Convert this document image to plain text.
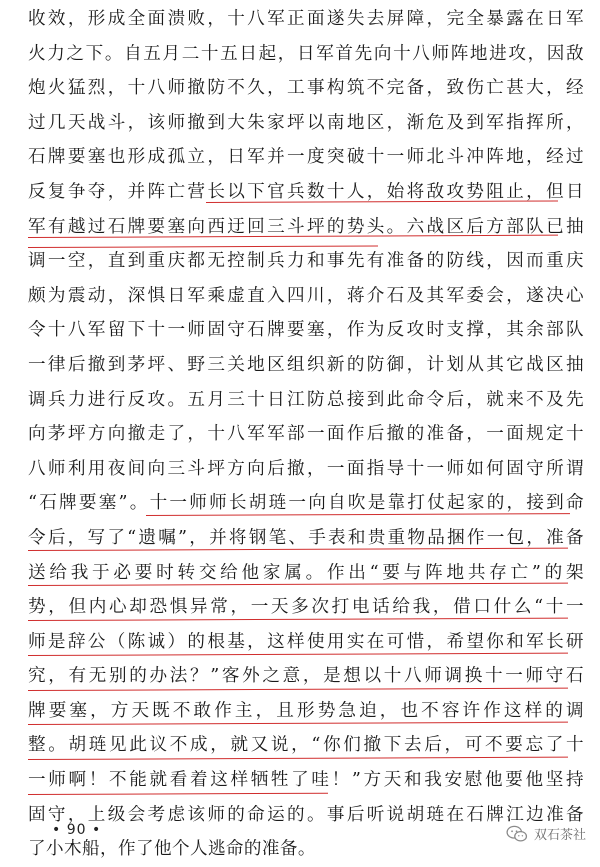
收效，形成全面溃败，十八军正面遂失去屏障，完全暴露在日军
火力之下。自五月二十五日起，日军首先向十八师阵地进攻，因敌
炮火猛烈，十八师撤防不久，工事构筑不完备，致伤亡甚大，经
过几天战斗，该师撤到大朱家坪以南地区，渐危及到军指挥所，
石牌要塞也形成孤立，日军并一度突破十一师北斗冲阵地，经过
反复争夺，并阵亡营长以下官兵数十人，始将敌攻势阻止，但日
军有越过石牌要塞向西迂回三斗坪的势头。六战区后方部队已抽
调一空，直到重庆都无控制兵力和事先有准备的防线，因而重庆
颇为震动，深惧日军乘虚直入四川，蒋介石及其军委会，遂决心
令十八军留下十一师固守石牌要塞，作为反攻时支撑，其余部队
一律后撤到茅坪、野三关地区组织新的防御，计划从其它战区抽
调兵力进行反攻。五月三十日江防总接到此命令后，就来不及先
向茅坪方向撤走了，十八军军部一面作后撤的准备，一面规定十
八师利用夜间向三斗坪方向后撤，一面指导十一师如何固守所谓
“石牌要塞”。十一师师长胡琏一向自吹是靠打仗起家的，接到命
令后，写了“遗嘱”，并将钢笔、手表和贵重物品捆作一包，准备
送给我于必要时转交给他家属。作出“要与阵地共存亡”的架
势，但内心却恐惧异常，一天多次打电话给我，借口什么“十一
师是辞公（陈诚）的根基，这样使用实在可惜，希望你和军长研
究，有无别的办法？”客外之意，是想以十八师调换十一师守石
牌要塞，方天既不敢作主，且形势急迫，也不容许作这样的调
整。胡琏见此议不成，就又说，“你们撤下去后，可不要忘了十
一师啊！不能就看着这样牺牲了哇！”方天和我安慰他要他坚持
固守，上级会考虑该师的命运的。事后听说胡琏在石牌江边准备
了小木船，作了他个人逃命的准备。
• 90 •	双石茶社
